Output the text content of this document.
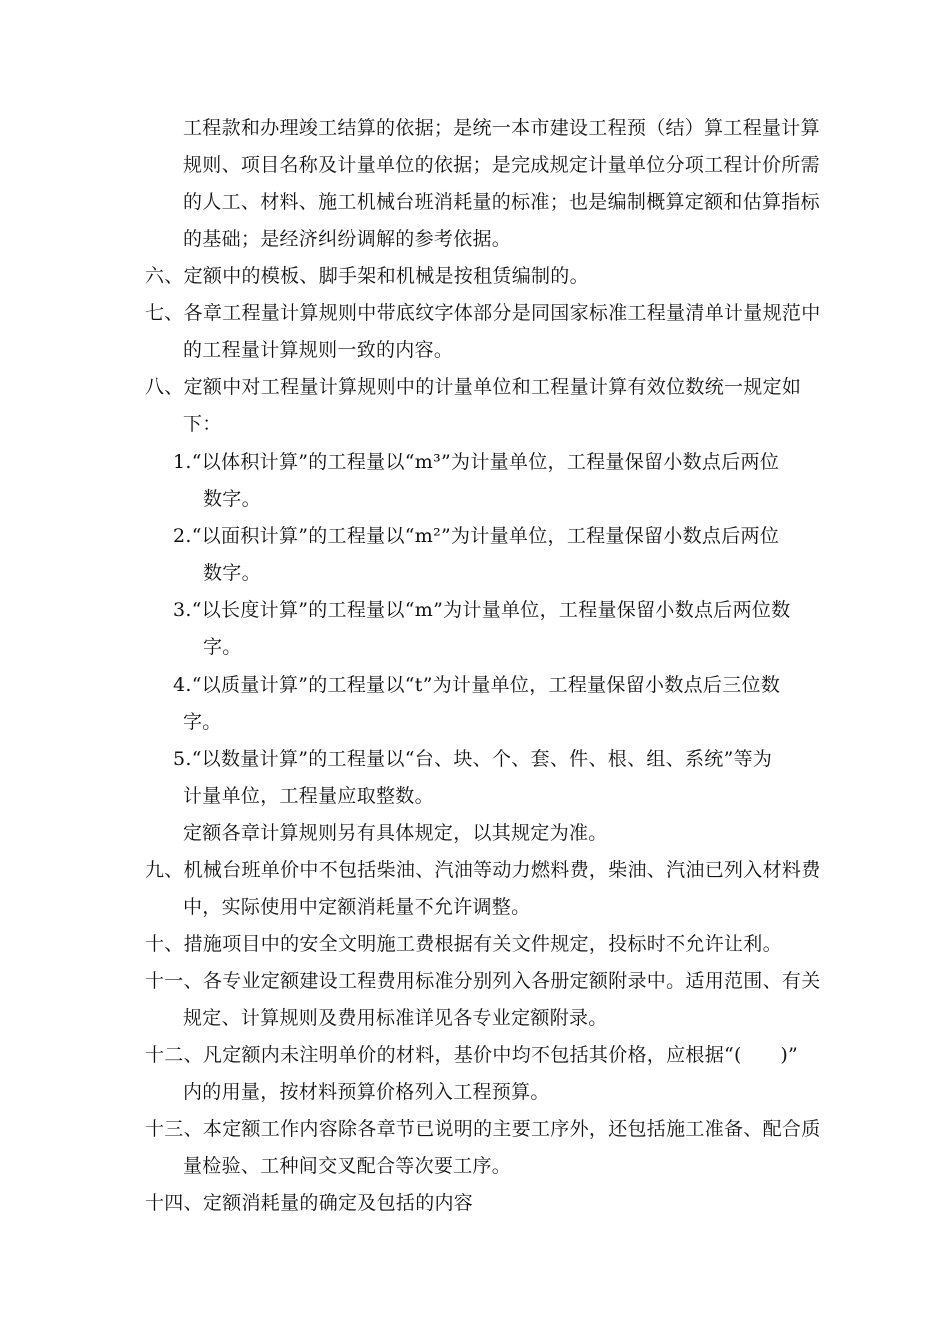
工程款和办理竣工结算的依据；是统一本市建设工程预（结）算工程量计算
规则、项目名称及计量单位的依据；是完成规定计量单位分项工程计价所需
的人工、材料、施工机械台班消耗量的标准；也是编制概算定额和估算指标
的基础；是经济纠纷调解的参考依据。
六、定额中的模板、脚手架和机械是按租赁编制的。
七、各章工程量计算规则中带底纹字体部分是同国家标准工程量清单计量规范中
的工程量计算规则一致的内容。
八、定额中对工程量计算规则中的计量单位和工程量计算有效位数统一规定如
下：
1.“以体积计算”的工程量以“m³”为计量单位，工程量保留小数点后两位
数字。
2.“以面积计算”的工程量以“m²”为计量单位，工程量保留小数点后两位
数字。
3.“以长度计算”的工程量以“m”为计量单位，工程量保留小数点后两位数
字。
4.“以质量计算”的工程量以“t”为计量单位，工程量保留小数点后三位数
字。
5.“以数量计算”的工程量以“台、块、个、套、件、根、组、系统”等为
计量单位，工程量应取整数。
定额各章计算规则另有具体规定，以其规定为准。
九、机械台班单价中不包括柴油、汽油等动力燃料费，柴油、汽油已列入材料费
中，实际使用中定额消耗量不允许调整。
十、措施项目中的安全文明施工费根据有关文件规定，投标时不允许让利。
十一、各专业定额建设工程费用标准分别列入各册定额附录中。适用范围、有关
规定、计算规则及费用标准详见各专业定额附录。
十二、凡定额内未注明单价的材料，基价中均不包括其价格，应根据“(　　)”
内的用量，按材料预算价格列入工程预算。
十三、本定额工作内容除各章节已说明的主要工序外，还包括施工准备、配合质
量检验、工种间交叉配合等次要工序。
十四、定额消耗量的确定及包括的内容
